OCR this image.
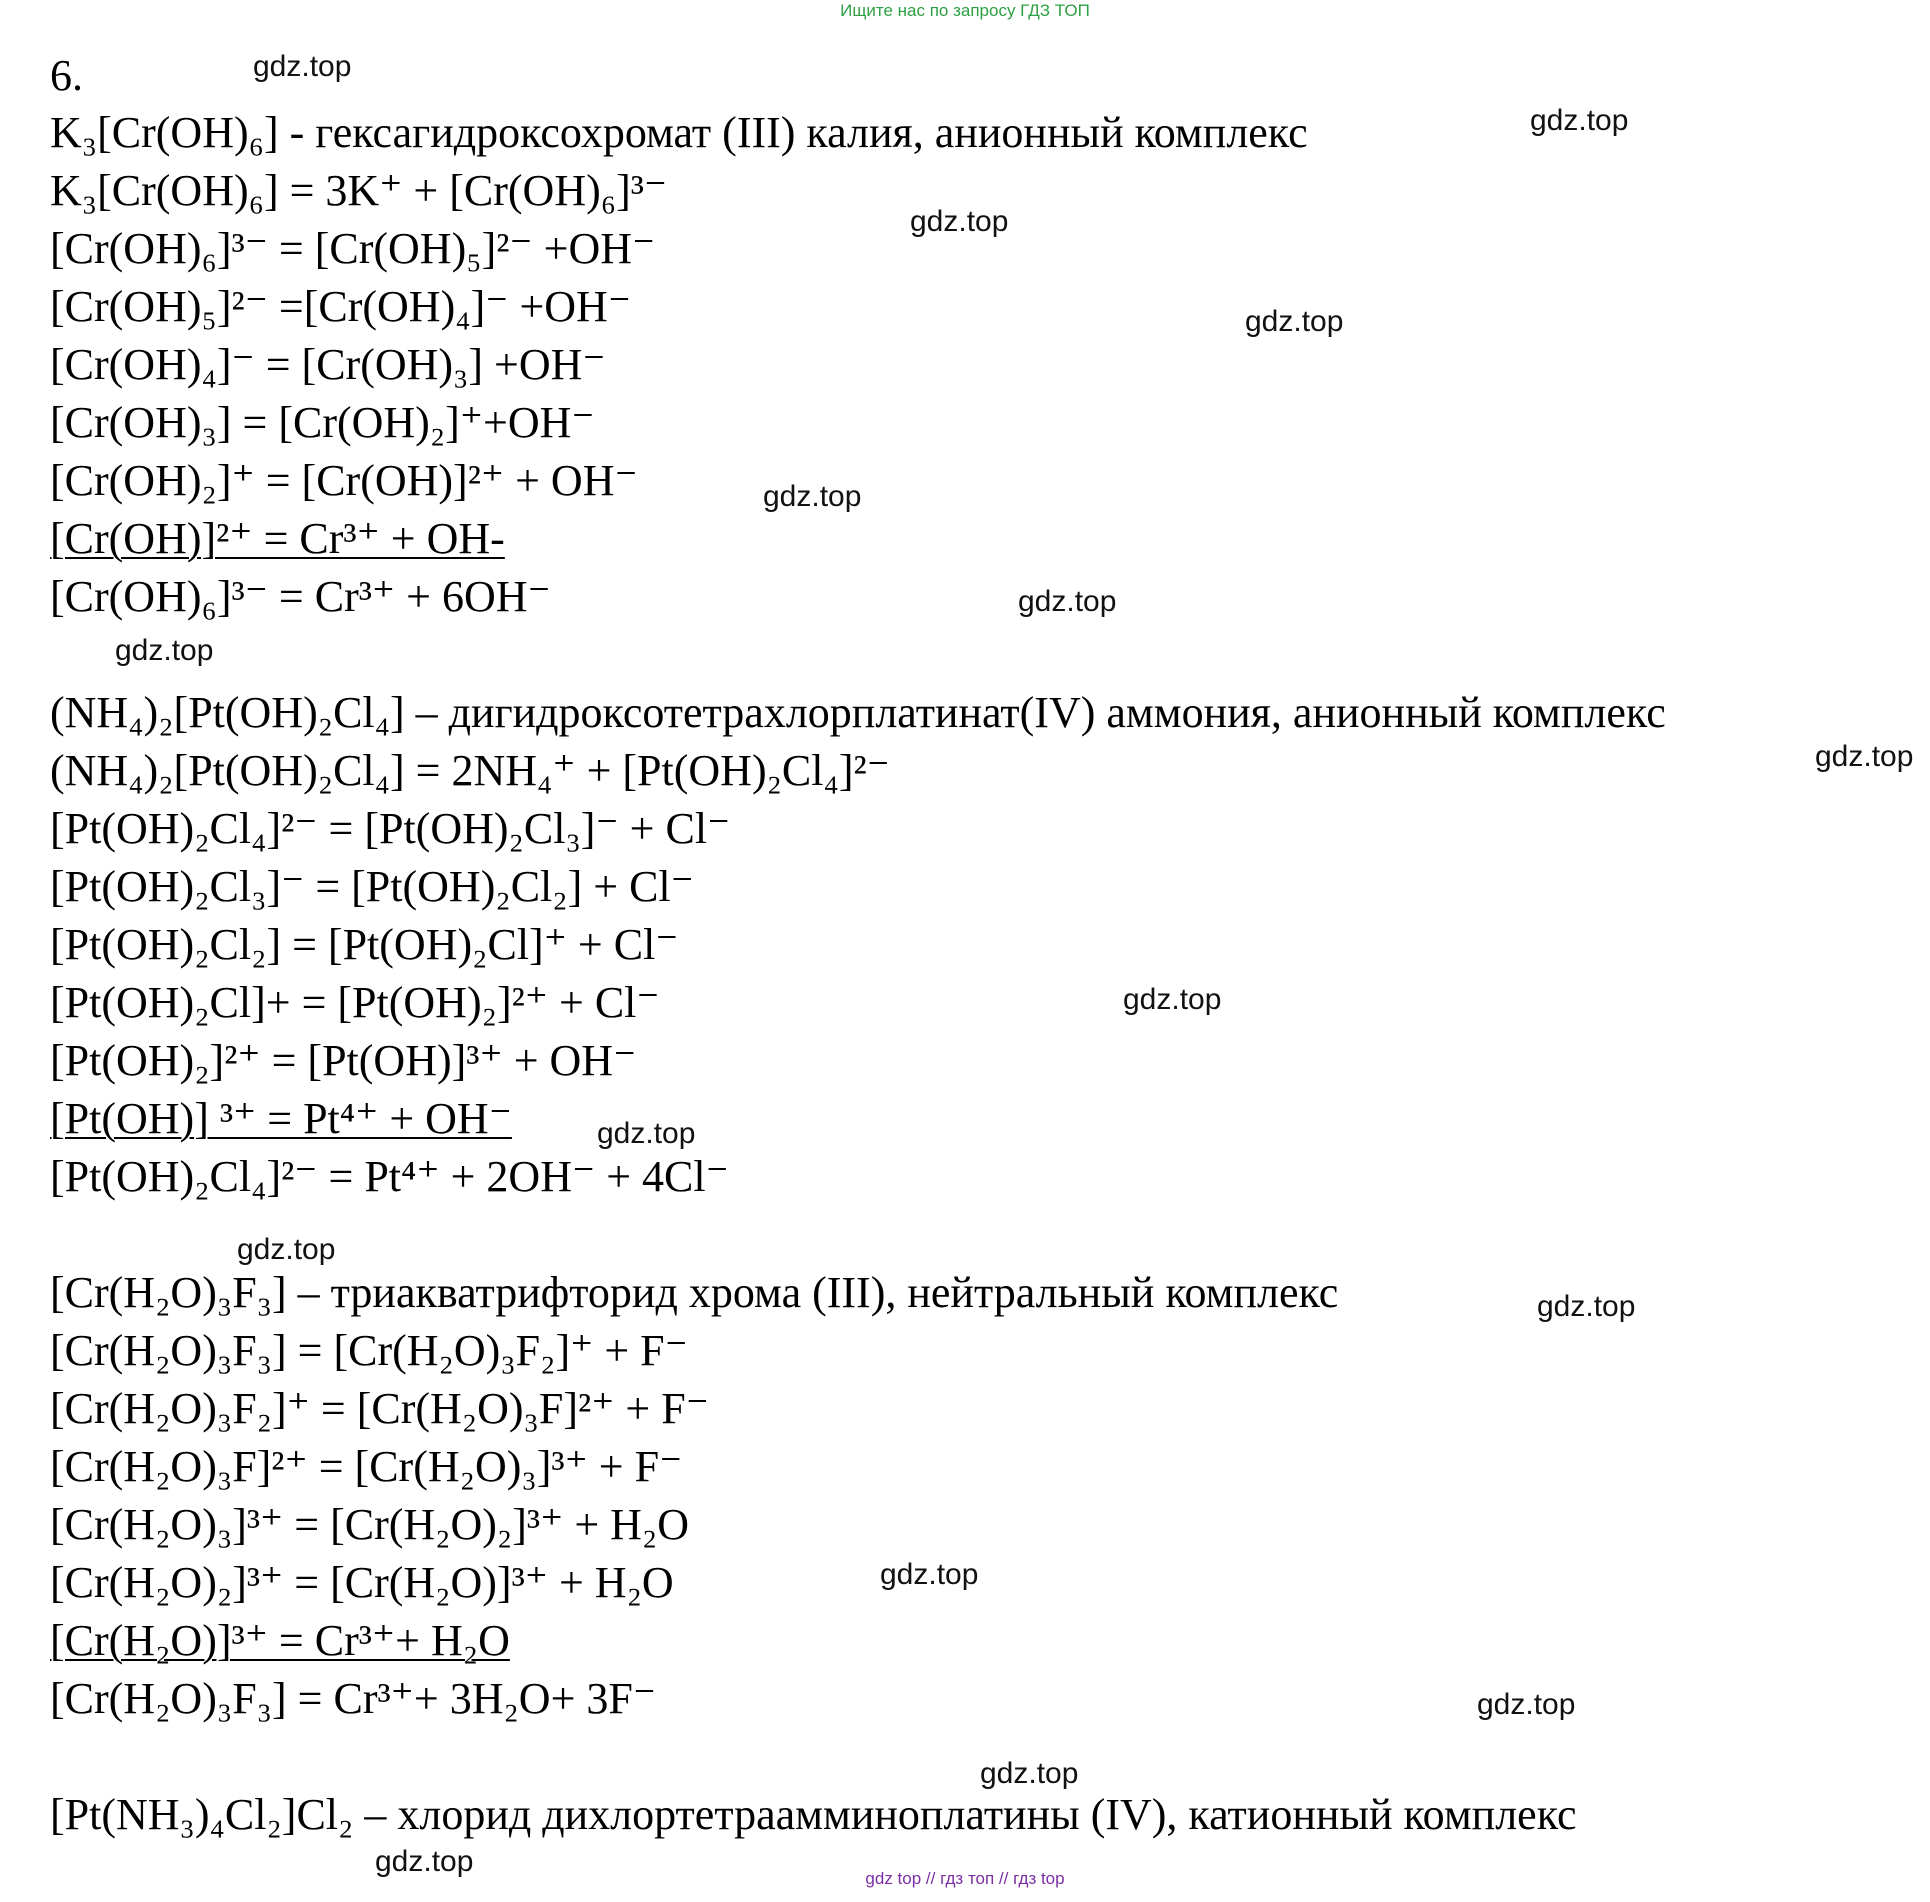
Ищите нас по запросу ГДЗ ТОП
6.
K₃[Cr(OH)₆] - гексагидроксохромат (III) калия, анионный комплекс
K₃[Cr(OH)₆] = 3K⁺ + [Cr(OH)₆]³⁻
[Cr(OH)₆]³⁻ = [Cr(OH)₅]²⁻ +OH⁻
[Cr(OH)₅]²⁻ =[Cr(OH)₄]⁻ +OH⁻
[Cr(OH)₄]⁻ = [Cr(OH)₃] +OH⁻
[Cr(OH)₃] = [Cr(OH)₂]⁺+OH⁻
[Cr(OH)₂]⁺ = [Cr(OH)]²⁺ + OH⁻
[Cr(OH)]²⁺ = Cr³⁺ + OH-
[Cr(OH)₆]³⁻ = Cr³⁺ + 6OH⁻
(NH₄)₂[Pt(OH)₂Cl₄] – дигидроксотетрахлорплатинат(IV) аммония, анионный комплекс
(NH₄)₂[Pt(OH)₂Cl₄] = 2NH₄⁺ + [Pt(OH)₂Cl₄]²⁻
[Pt(OH)₂Cl₄]²⁻ = [Pt(OH)₂Cl₃]⁻ + Cl⁻
[Pt(OH)₂Cl₃]⁻ = [Pt(OH)₂Cl₂] + Cl⁻
[Pt(OH)₂Cl₂] = [Pt(OH)₂Cl]⁺ + Cl⁻
[Pt(OH)₂Cl]+ = [Pt(OH)₂]²⁺ + Cl⁻
[Pt(OH)₂]²⁺ = [Pt(OH)]³⁺ + OH⁻
[Pt(OH)] ³⁺ = Pt⁴⁺ + OH⁻
[Pt(OH)₂Cl₄]²⁻ = Pt⁴⁺ + 2OH⁻ + 4Cl⁻
[Cr(H₂O)₃F₃] – триакватрифторид хрома (III), нейтральный комплекс
[Cr(H₂O)₃F₃] = [Cr(H₂O)₃F₂]⁺ + F⁻
[Cr(H₂O)₃F₂]⁺ = [Cr(H₂O)₃F]²⁺ + F⁻
[Cr(H₂O)₃F]²⁺ = [Cr(H₂O)₃]³⁺ + F⁻
[Cr(H₂O)₃]³⁺ = [Cr(H₂O)₂]³⁺ + H₂O
[Cr(H₂O)₂]³⁺ = [Cr(H₂O)]³⁺ + H₂O
[Cr(H₂O)]³⁺ = Cr³⁺+ H₂O
[Cr(H₂O)₃F₃] = Cr³⁺+ 3H₂O+ 3F⁻
[Pt(NH₃)₄Cl₂]Cl₂ – хлорид дихлортетраамминоплатины (IV), катионный комплекс
gdz.top
gdz.top
gdz.top
gdz.top
gdz.top
gdz.top
gdz.top
gdz.top
gdz.top
gdz.top
gdz.top
gdz.top
gdz.top
gdz.top
gdz.top
gdz.top
gdz top // гдз топ // гдз top
